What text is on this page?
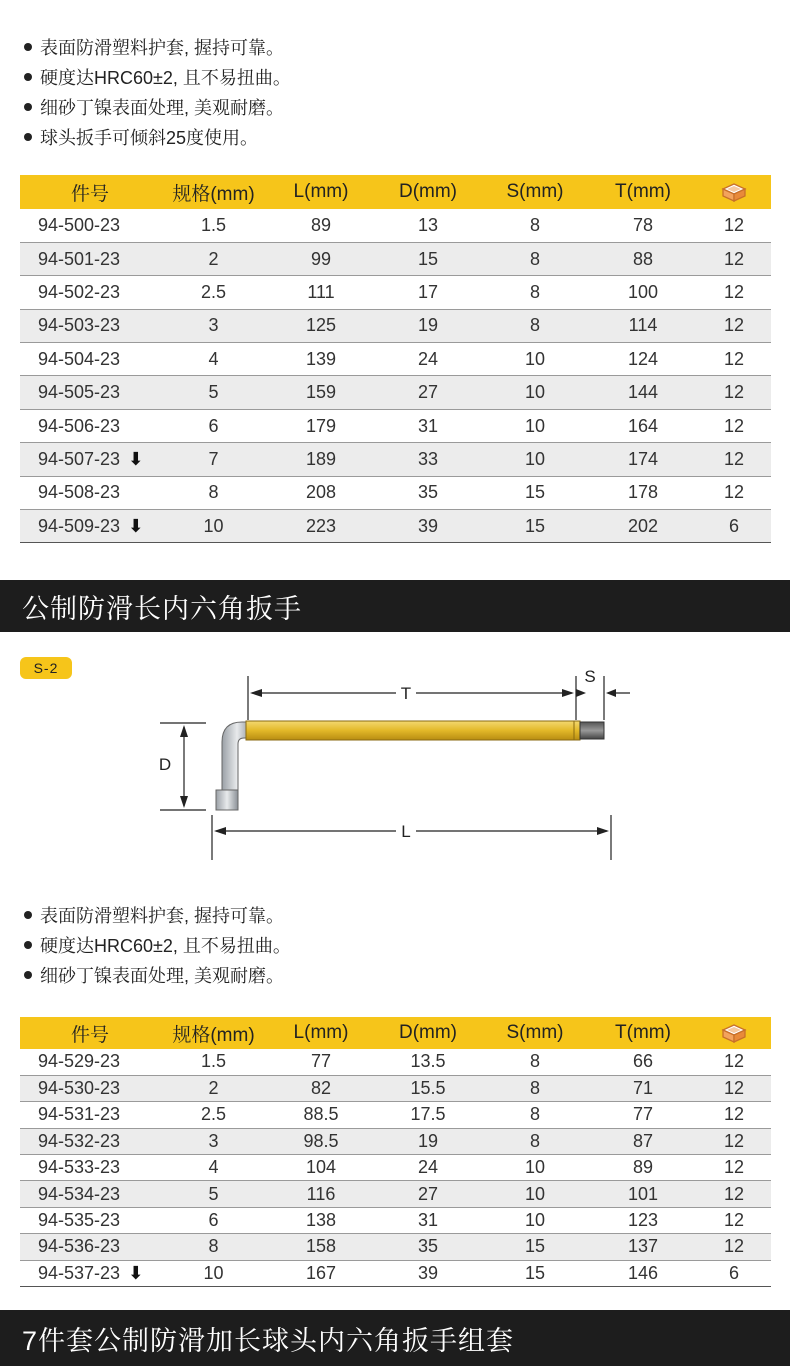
表面防滑塑料护套, 握持可靠。
硬度达HRC60±2, 且不易扭曲。
细砂丁镍表面处理, 美观耐磨。
球头扳手可倾斜25度使用。
件号	规格(mm)	L(mm)	D(mm)	S(mm)	T(mm)	
94-500-23	1.5	89	13	8	78	12
94-501-23	2	99	15	8	88	12
94-502-23	2.5	111	17	8	100	12
94-503-23	3	125	19	8	114	12
94-504-23	4	139	24	10	124	12
94-505-23	5	159	27	10	144	12
94-506-23	6	179	31	10	164	12
94-507-23 ⬇	7	189	33	10	174	12
94-508-23	8	208	35	15	178	12
94-509-23 ⬇	10	223	39	15	202	6
公制防滑长内六角扳手
S-2
T
S
D
L
表面防滑塑料护套, 握持可靠。
硬度达HRC60±2, 且不易扭曲。
细砂丁镍表面处理, 美观耐磨。
件号	规格(mm)	L(mm)	D(mm)	S(mm)	T(mm)	
94-529-23	1.5	77	13.5	8	66	12
94-530-23	2	82	15.5	8	71	12
94-531-23	2.5	88.5	17.5	8	77	12
94-532-23	3	98.5	19	8	87	12
94-533-23	4	104	24	10	89	12
94-534-23	5	116	27	10	101	12
94-535-23	6	138	31	10	123	12
94-536-23	8	158	35	15	137	12
94-537-23 ⬇	10	167	39	15	146	6
7件套公制防滑加长球头内六角扳手组套
